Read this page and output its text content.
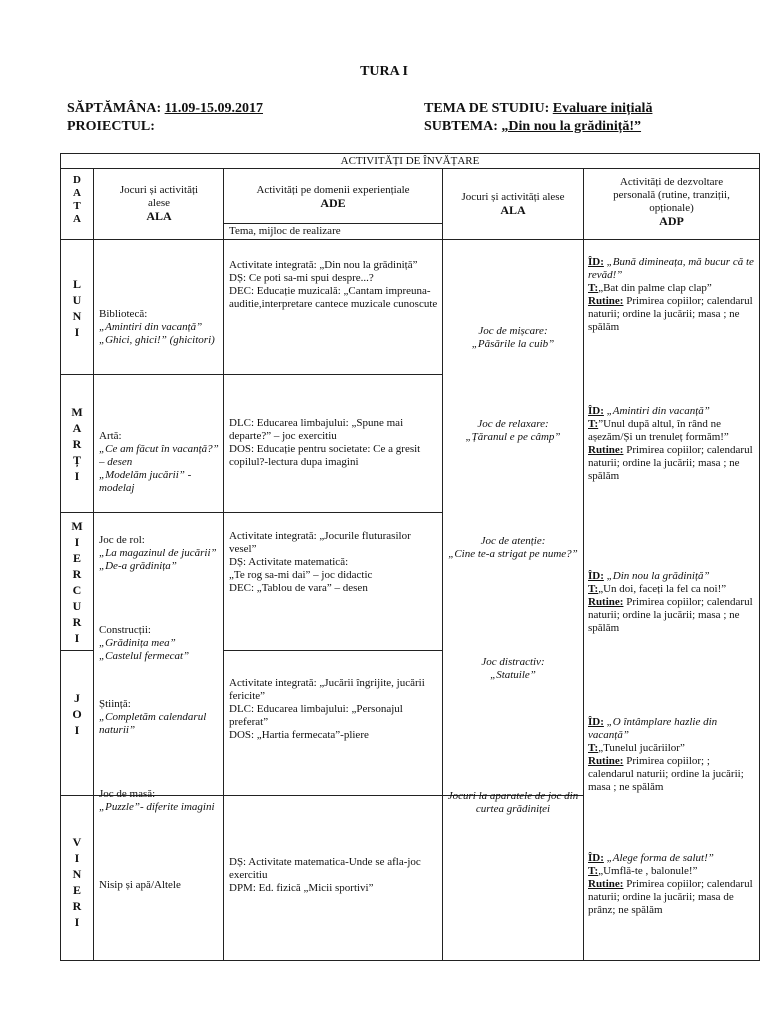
TURA I
SĂPTĂMÂNA: 11.09-15.09.2017
PROIECTUL:
TEMA DE STUDIU: Evaluare inițială
SUBTEMA: „Din nou la grădiniță!”
ACTIVITĂȚI DE ÎNVĂȚARE
D
A
T
A
Jocuri și activități
alese
ALA
Activități pe domenii experiențiale
ADE
Tema, mijloc de realizare
Jocuri și activități alese
ALA
Activități de dezvoltare
personală (rutine, tranziții,
opționale)
ADP
L
U
N
I
M
A
R
Ț
I
M
I
E
R
C
U
R
I
J
O
I
V
I
N
E
R
I
Bibliotecă:
„Amintiri din vacanță”
„Ghici, ghici!” (ghicitori)
Artă:
„Ce am făcut în vacanță?” – desen
„Modelăm jucării” - modelaj
Joc de rol:
„La magazinul de jucării”
„De-a grădinița”
Construcții:
„Grădinița mea”
„Castelul fermecat”
Știință:
„Completăm calendarul naturii”
Joc de masă:
„Puzzle”- diferite imagini
Nisip și apă/Altele
Activitate integrată: „Din nou la grădiniță”
DȘ: Ce poti sa-mi spui despre...?
DEC: Educație muzicală: „Cantam impreuna-auditie,interpretare cantece muzicale cunoscute
DLC: Educarea limbajului: „Spune mai departe?” – joc exercitiu
DOS: Educație pentru societate: Ce a gresit copilul?-lectura dupa imagini
Activitate integrată: „Jocurile fluturasilor vesel”
DȘ: Activitate matematică:
„Te rog sa-mi dai” – joc didactic
DEC: „Tablou de vara” – desen
Activitate integrată: „Jucării îngrijite, jucării fericite”
DLC: Educarea limbajului: „Personajul preferat”
DOS: „Hartia fermecata”-pliere
DȘ: Activitate matematica-Unde se afla-joc exercitiu
DPM: Ed. fizică „Micii sportivi”
Joc de mișcare:
„Păsările la cuib”
Joc de relaxare:
„Țăranul e pe câmp”
Joc de atenție:
„Cine te-a strigat pe nume?”
Joc distractiv:
„Statuile”
Jocuri la aparatele de joc din curtea grădiniței
ÎD: „Bună dimineața, mă bucur că te revăd!”
T:„Bat din palme clap clap”
Rutine: Primirea copiilor; calendarul naturii; ordine la jucării; masa ; ne spălăm
ÎD: „Amintiri din vacanță”
T:”Unul după altul, în rând ne așezăm/Și un trenuleț formăm!”
Rutine: Primirea copiilor; calendarul naturii; ordine la jucării; masa ; ne spălăm
ÎD: „Din nou la grădiniță”
T:„Un doi, faceți la fel ca noi!”
Rutine: Primirea copiilor; calendarul naturii; ordine la jucării; masa ; ne spălăm
ÎD: „O întâmplare hazlie din vacanță”
T:„Tunelul jucăriilor”
Rutine: Primirea copiilor; ; calendarul naturii; ordine la jucării; masa ; ne spălăm
ÎD: „Alege forma de salut!”
T:„Umflă-te , balonule!”
Rutine: Primirea copiilor; calendarul naturii; ordine la jucării; masa de prânz; ne spălăm
